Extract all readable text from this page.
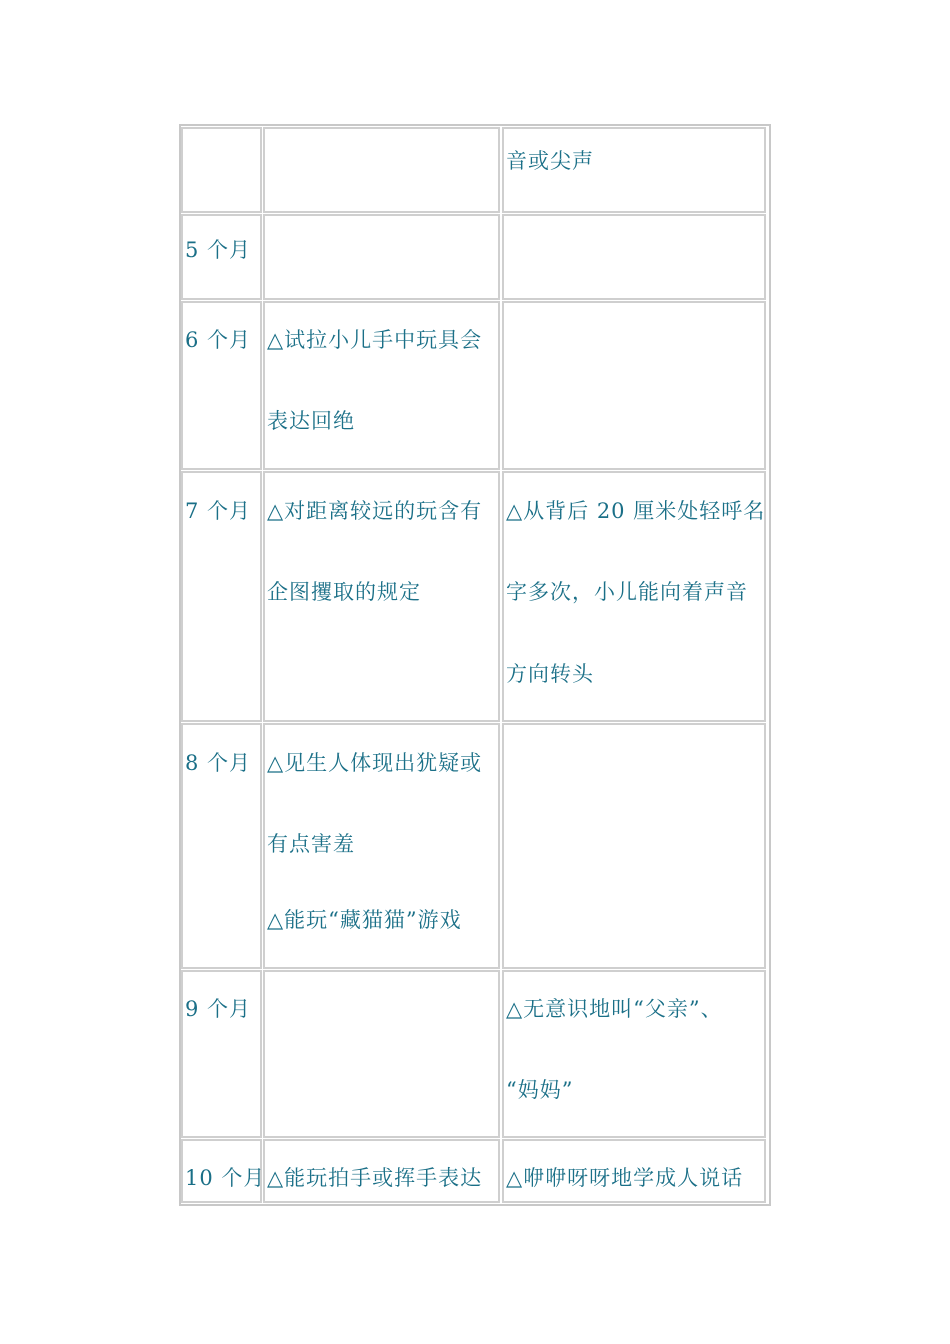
音或尖声
5 个月
6 个月 △试拉小儿手中玩具会
表达回绝
7 个月 △对距离较远的玩含有
企图攫取的规定
△从背后 20 厘米处轻呼名
字多次，小儿能向着声音
方向转头
8 个月 △见生人体现出犹疑或
有点害羞
△能玩“藏猫猫”游戏
9 个月	△无意识地叫“父亲”、
“妈妈”
10 个月 △能玩拍手或挥手表达 △咿咿呀呀地学成人说话
